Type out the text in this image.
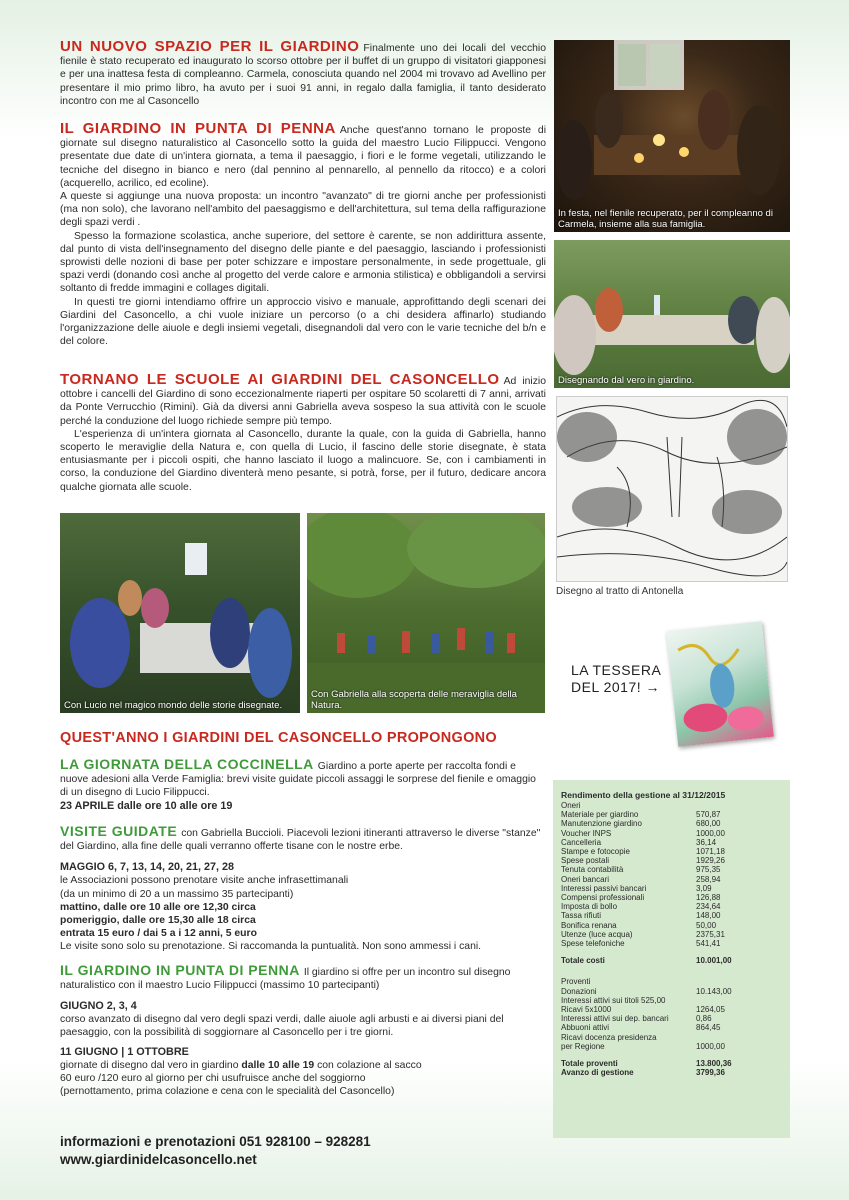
UN NUOVO SPAZIO PER IL GIARDINO Finalmente uno dei locali del vecchio fienile è stato recuperato ed inaugurato lo scorso ottobre per il buffet di un gruppo di visitatori giapponesi e per una inattesa festa di compleanno. Carmela, conosciuta quando nel 2004 mi trovavo ad Avellino per presentare il mio primo libro, ha avuto per i suoi 91 anni, in regalo dalla famiglia, il tanto desiderato incontro con me al Casoncello

IL GIARDINO IN PUNTA DI PENNA Anche quest'anno tornano le proposte di giornate sul disegno naturalistico al Casoncello sotto la guida del maestro Lucio Filippucci. Vengono presentate due date di un'intera giornata, a tema il paesaggio, i fiori e le forme vegetali, utilizzando le tecniche del disegno in bianco e nero (dal pennino al pennarello, al pennello da ritocco) e a colori (acquerello, acrilico, ed ecoline).

A queste si aggiunge una nuova proposta: un incontro "avanzato" di tre giorni anche per professionisti (ma non solo), che lavorano nell'ambito del paesaggismo e dell'architettura, sul tema della raffigurazione degli spazi verdi .

Spesso la formazione scolastica, anche superiore, del settore è carente, se non addirittura assente, dal punto di vista dell'insegnamento del disegno delle piante e del paesaggio, lasciando i professionisti sprowisti delle nozioni di base per poter schizzare e impostare personalmente, in sede progettuale, gli spazi verdi (donando così anche al progetto del verde calore e armonia stilistica) e obbligandoli a servirsi soltanto di fredde immagini e collages digitali.

In questi tre giorni intendiamo offrire un approccio visivo e manuale, approfittando degli scenari dei Giardini del Casoncello, a chi vuole iniziare un percorso (o a chi desidera affinarlo) studiando l'organizzazione delle aiuole e degli insiemi vegetali, disegnandoli dal vero con le varie tecniche del b/n e del colore.

TORNANO LE SCUOLE AI GIARDINI DEL CASONCELLO Ad inizio ottobre i cancelli del Giardino di sono eccezionalmente riaperti per ospitare 50 scolaretti di 7 anni, arrivati da Ponte Verrucchio (Rimini). Già da diversi anni Gabriella aveva sospeso la sua attività con le scuole perché la conduzione del luogo richiede sempre più tempo.

L'esperienza di un'intera giornata al Casoncello, durante la quale, con la guida di Gabriella, hanno scoperto le meraviglie della Natura e, con quella di Lucio, il fascino delle storie disegnate, è stata entusiasmante per i piccoli ospiti, che hanno lasciato il luogo a malincuore. Se, con i cambiamenti in corso, la conduzione del Giardino diventerà meno pesante, si potrà, forse, per il futuro, dedicare ancora qualche giornata alle scuole.

In festa, nel fienile recuperato, per il compleanno di Carmela, insieme alla sua famiglia.
Disegnando dal vero in giardino.
Disegno al tratto di Antonella
Con Lucio nel magico mondo delle storie disegnate.
Con Gabriella alla scoperta delle meraviglia della Natura.
LA TESSERA DEL 2017! →
QUEST'ANNO I GIARDINI DEL CASONCELLO PROPONGONO

LA GIORNATA DELLA COCCINELLA Giardino a porte aperte per raccolta fondi e nuove adesioni alla Verde Famiglia: brevi visite guidate piccoli assaggi le sorprese del fienile e omaggio di un disegno di Lucio Filippucci.

23 APRILE dalle ore 10 alle ore 19

VISITE GUIDATE con Gabriella Buccioli. Piacevoli lezioni itineranti attraverso le diverse "stanze" del Giardino, alla fine delle quali verranno offerte tisane con le nostre erbe.

MAGGIO 6, 7, 13, 14, 20, 21, 27, 28

le Associazioni possono prenotare visite anche infrasettimanali

(da un minimo di 20 a un massimo 35 partecipanti)

mattino, dalle ore 10 alle ore 12,30 circa

pomeriggio, dalle ore 15,30 alle 18 circa

entrata 15 euro / dai 5 a i 12 anni, 5 euro

Le visite sono solo su prenotazione. Si raccomanda la puntualità. Non sono ammessi i cani.

IL GIARDINO IN PUNTA DI PENNA Il giardino si offre per un incontro sul disegno naturalistico con il maestro Lucio Filippucci (massimo 10 partecipanti)

GIUGNO 2, 3, 4

corso avanzato di disegno dal vero degli spazi verdi, dalle aiuole agli arbusti e ai diversi piani del paesaggio, con la possibilità di soggiornare al Casoncello per i tre giorni.

11 GIUGNO | 1 OTTOBRE

giornate di disegno dal vero in giardino dalle 10 alle 19 con colazione al sacco

60 euro /120 euro al giorno per chi usufruisce anche del soggiorno

(pernottamento, prima colazione e cena con le specialità del Casoncello)

informazioni e prenotazioni 051 928100 – 928281
www.giardinidelcasoncello.net
Rendimento della gestione al 31/12/2015
Oneri
Materiale per giardino	570,87
Manutenzione giardino	680,00
Voucher INPS	1000,00
Cancelleria	36,14
Stampe e fotocopie	1071,18
Spese postali	1929,26
Tenuta contabilità	975,35
Oneri bancari	258,94
Interessi passivi bancari	3,09
Compensi professionali	126,88
Imposta di bollo	234,64
Tassa rifiuti	148,00
Bonifica renana	50,00
Utenze (luce acqua)	2375,31
Spese telefoniche	541,41
Totale costi	10.001,00
Proventi
Donazioni	10.143,00
Interessi attivi sui titoli 525,00	
Ricavi 5x1000	1264,05
Interessi attivi sui dep. bancari	0,86
Abbuoni attivi	864,45
Ricavi docenza presidenza	
per Regione	1000,00
Totale proventi	13.800,36
Avanzo di gestione	3799,36
